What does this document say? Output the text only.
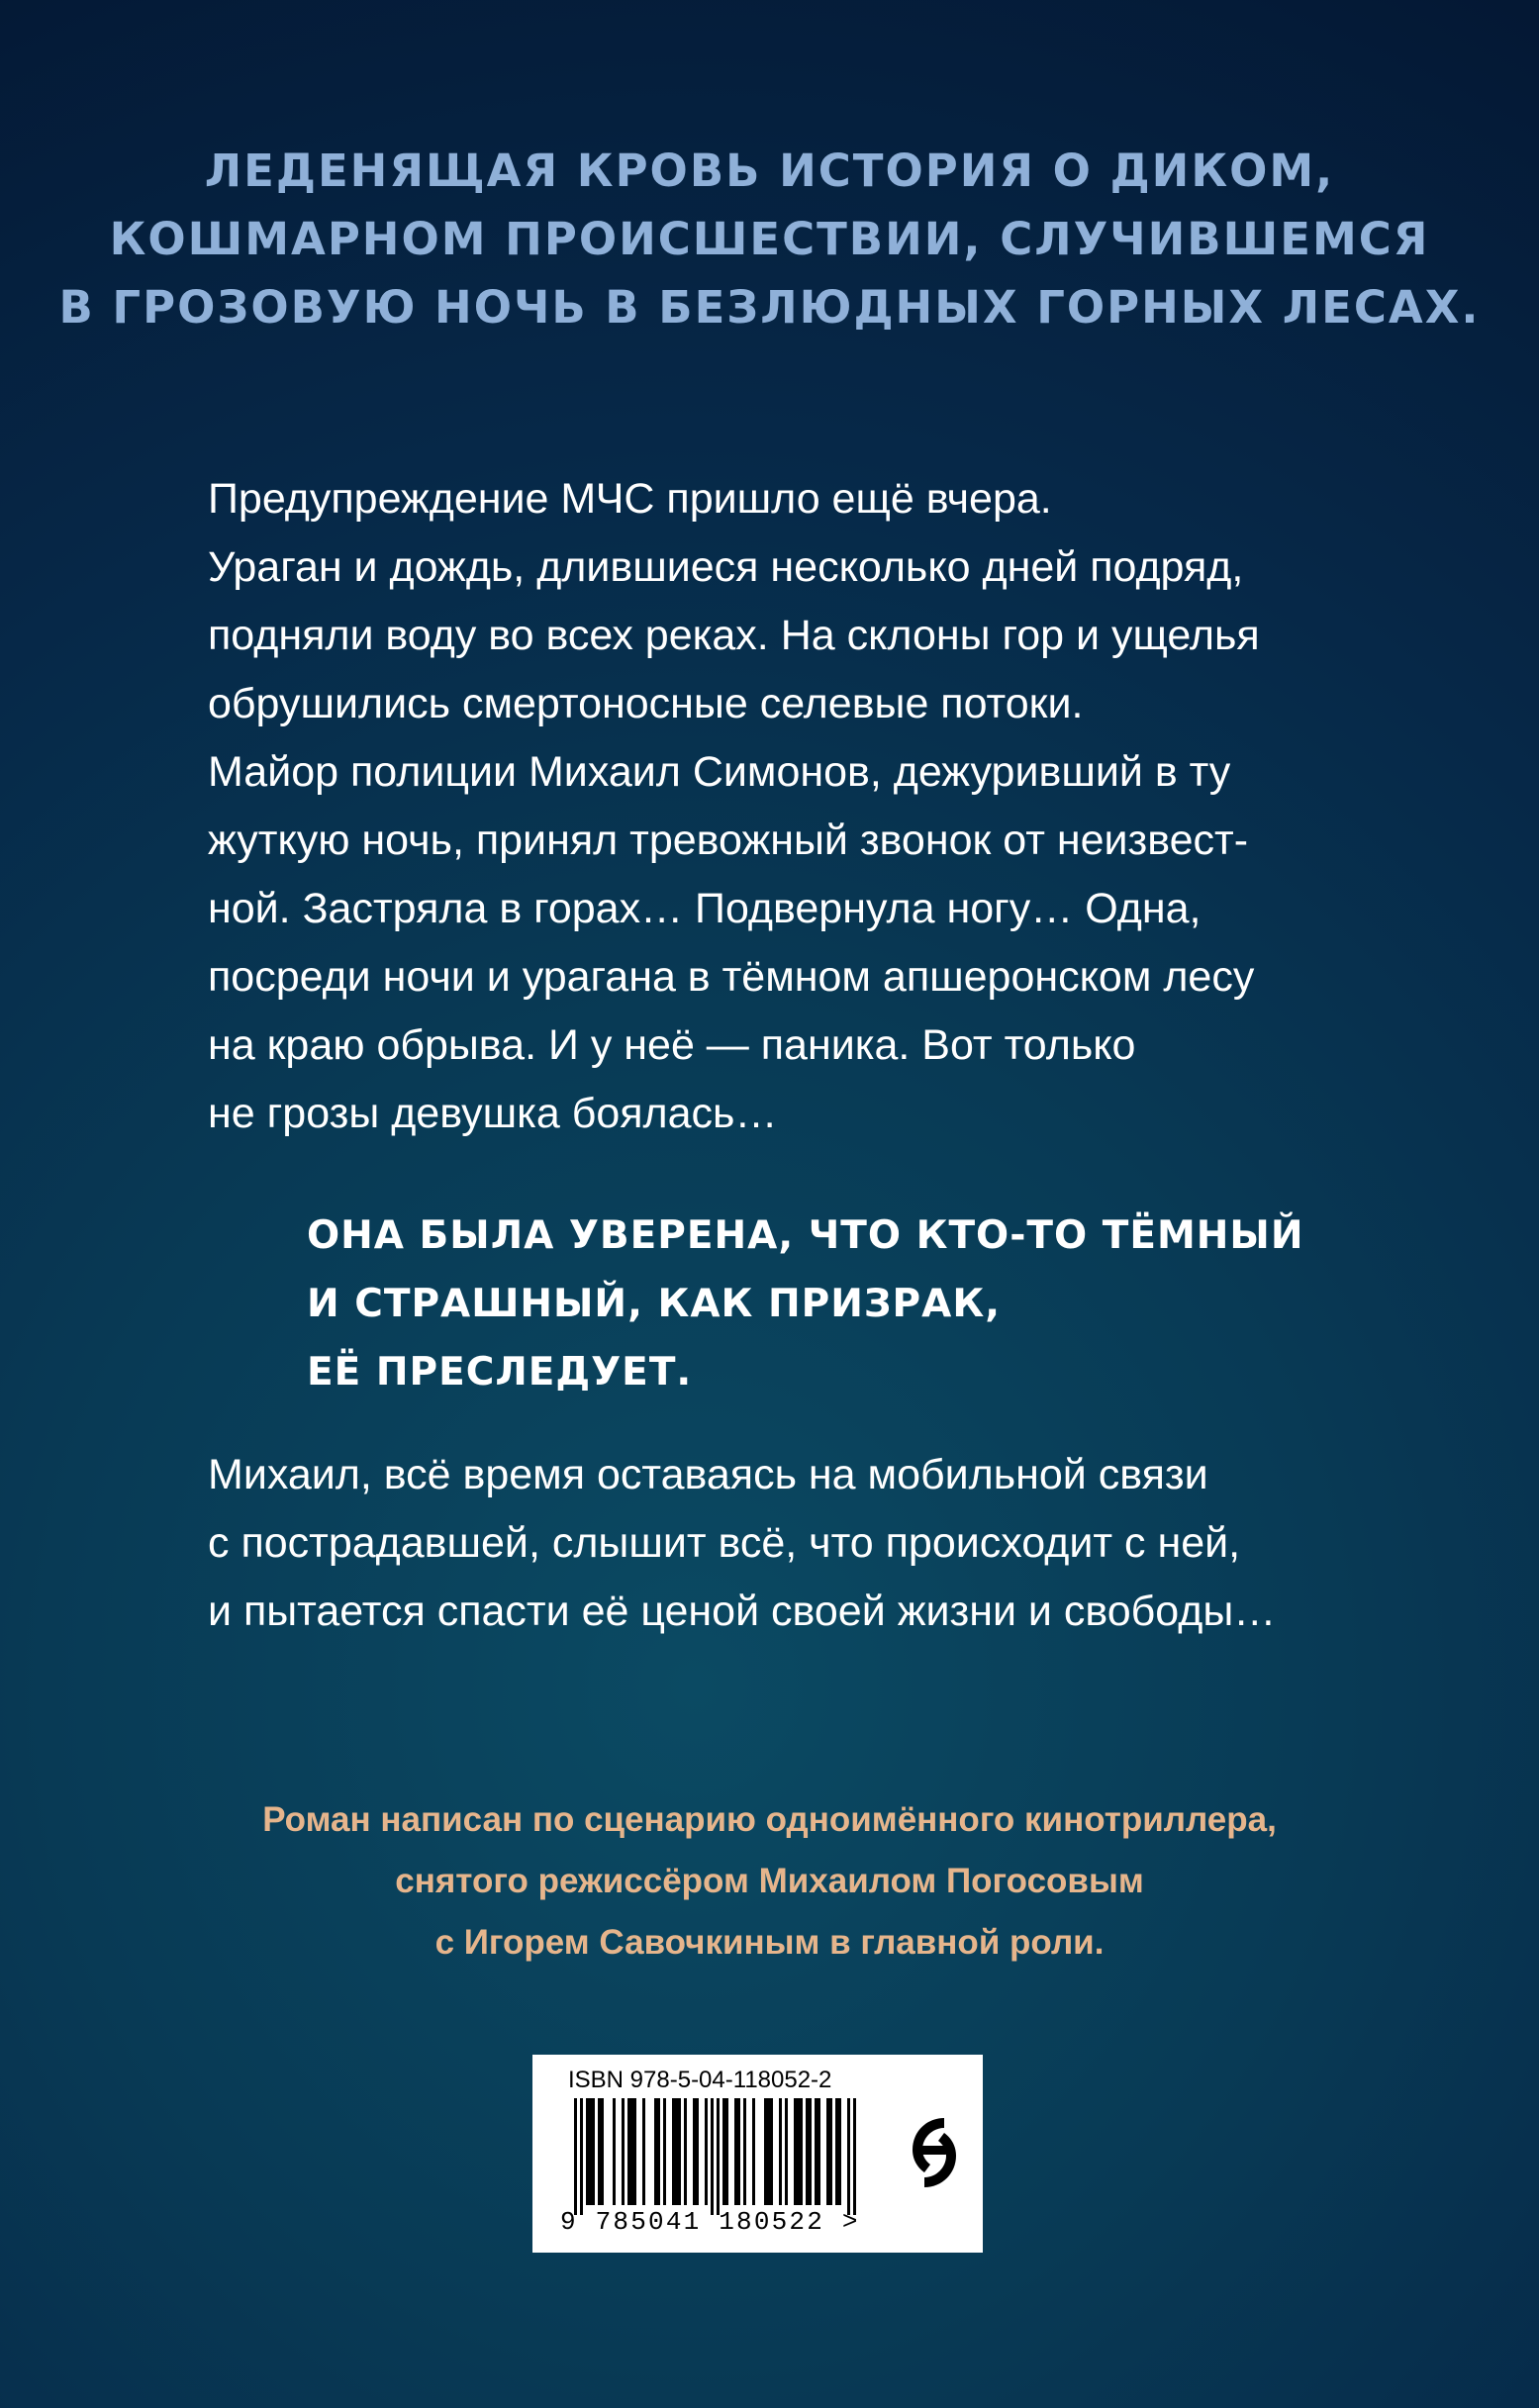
ЛЕДЕНЯЩАЯ КРОВЬ ИСТОРИЯ О ДИКОМ,
КОШМАРНОМ ПРОИСШЕСТВИИ, СЛУЧИВШЕМСЯ
В ГРОЗОВУЮ НОЧЬ В БЕЗЛЮДНЫХ ГОРНЫХ ЛЕСАХ.
Предупреждение МЧС пришло ещё вчера.
Ураган и дождь, длившиеся несколько дней подряд,
подняли воду во всех реках. На склоны гор и ущелья
обрушились смертоносные селевые потоки.
Майор полиции Михаил Симонов, дежуривший в ту
жуткую ночь, принял тревожный звонок от неизвест-
ной. Застряла в горах… Подвернула ногу… Одна,
посреди ночи и урагана в тёмном апшеронском лесу
на краю обрыва. И у неё — паника. Вот только
не грозы девушка боялась…
ОНА БЫЛА УВЕРЕНА, ЧТО КТО-ТО ТЁМНЫЙ
И СТРАШНЫЙ, КАК ПРИЗРАК,
ЕЁ ПРЕСЛЕДУЕТ.
Михаил, всё время оставаясь на мобильной связи
с пострадавшей, слышит всё, что происходит с ней,
и пытается спасти её ценой своей жизни и свободы…
Роман написан по сценарию одноимённого кинотриллера,
снятого режиссёром Михаилом Погосовым
с Игорем Савочкиным в главной роли.
ISBN 978-5-04-118052-2
9 785041 180522 >
